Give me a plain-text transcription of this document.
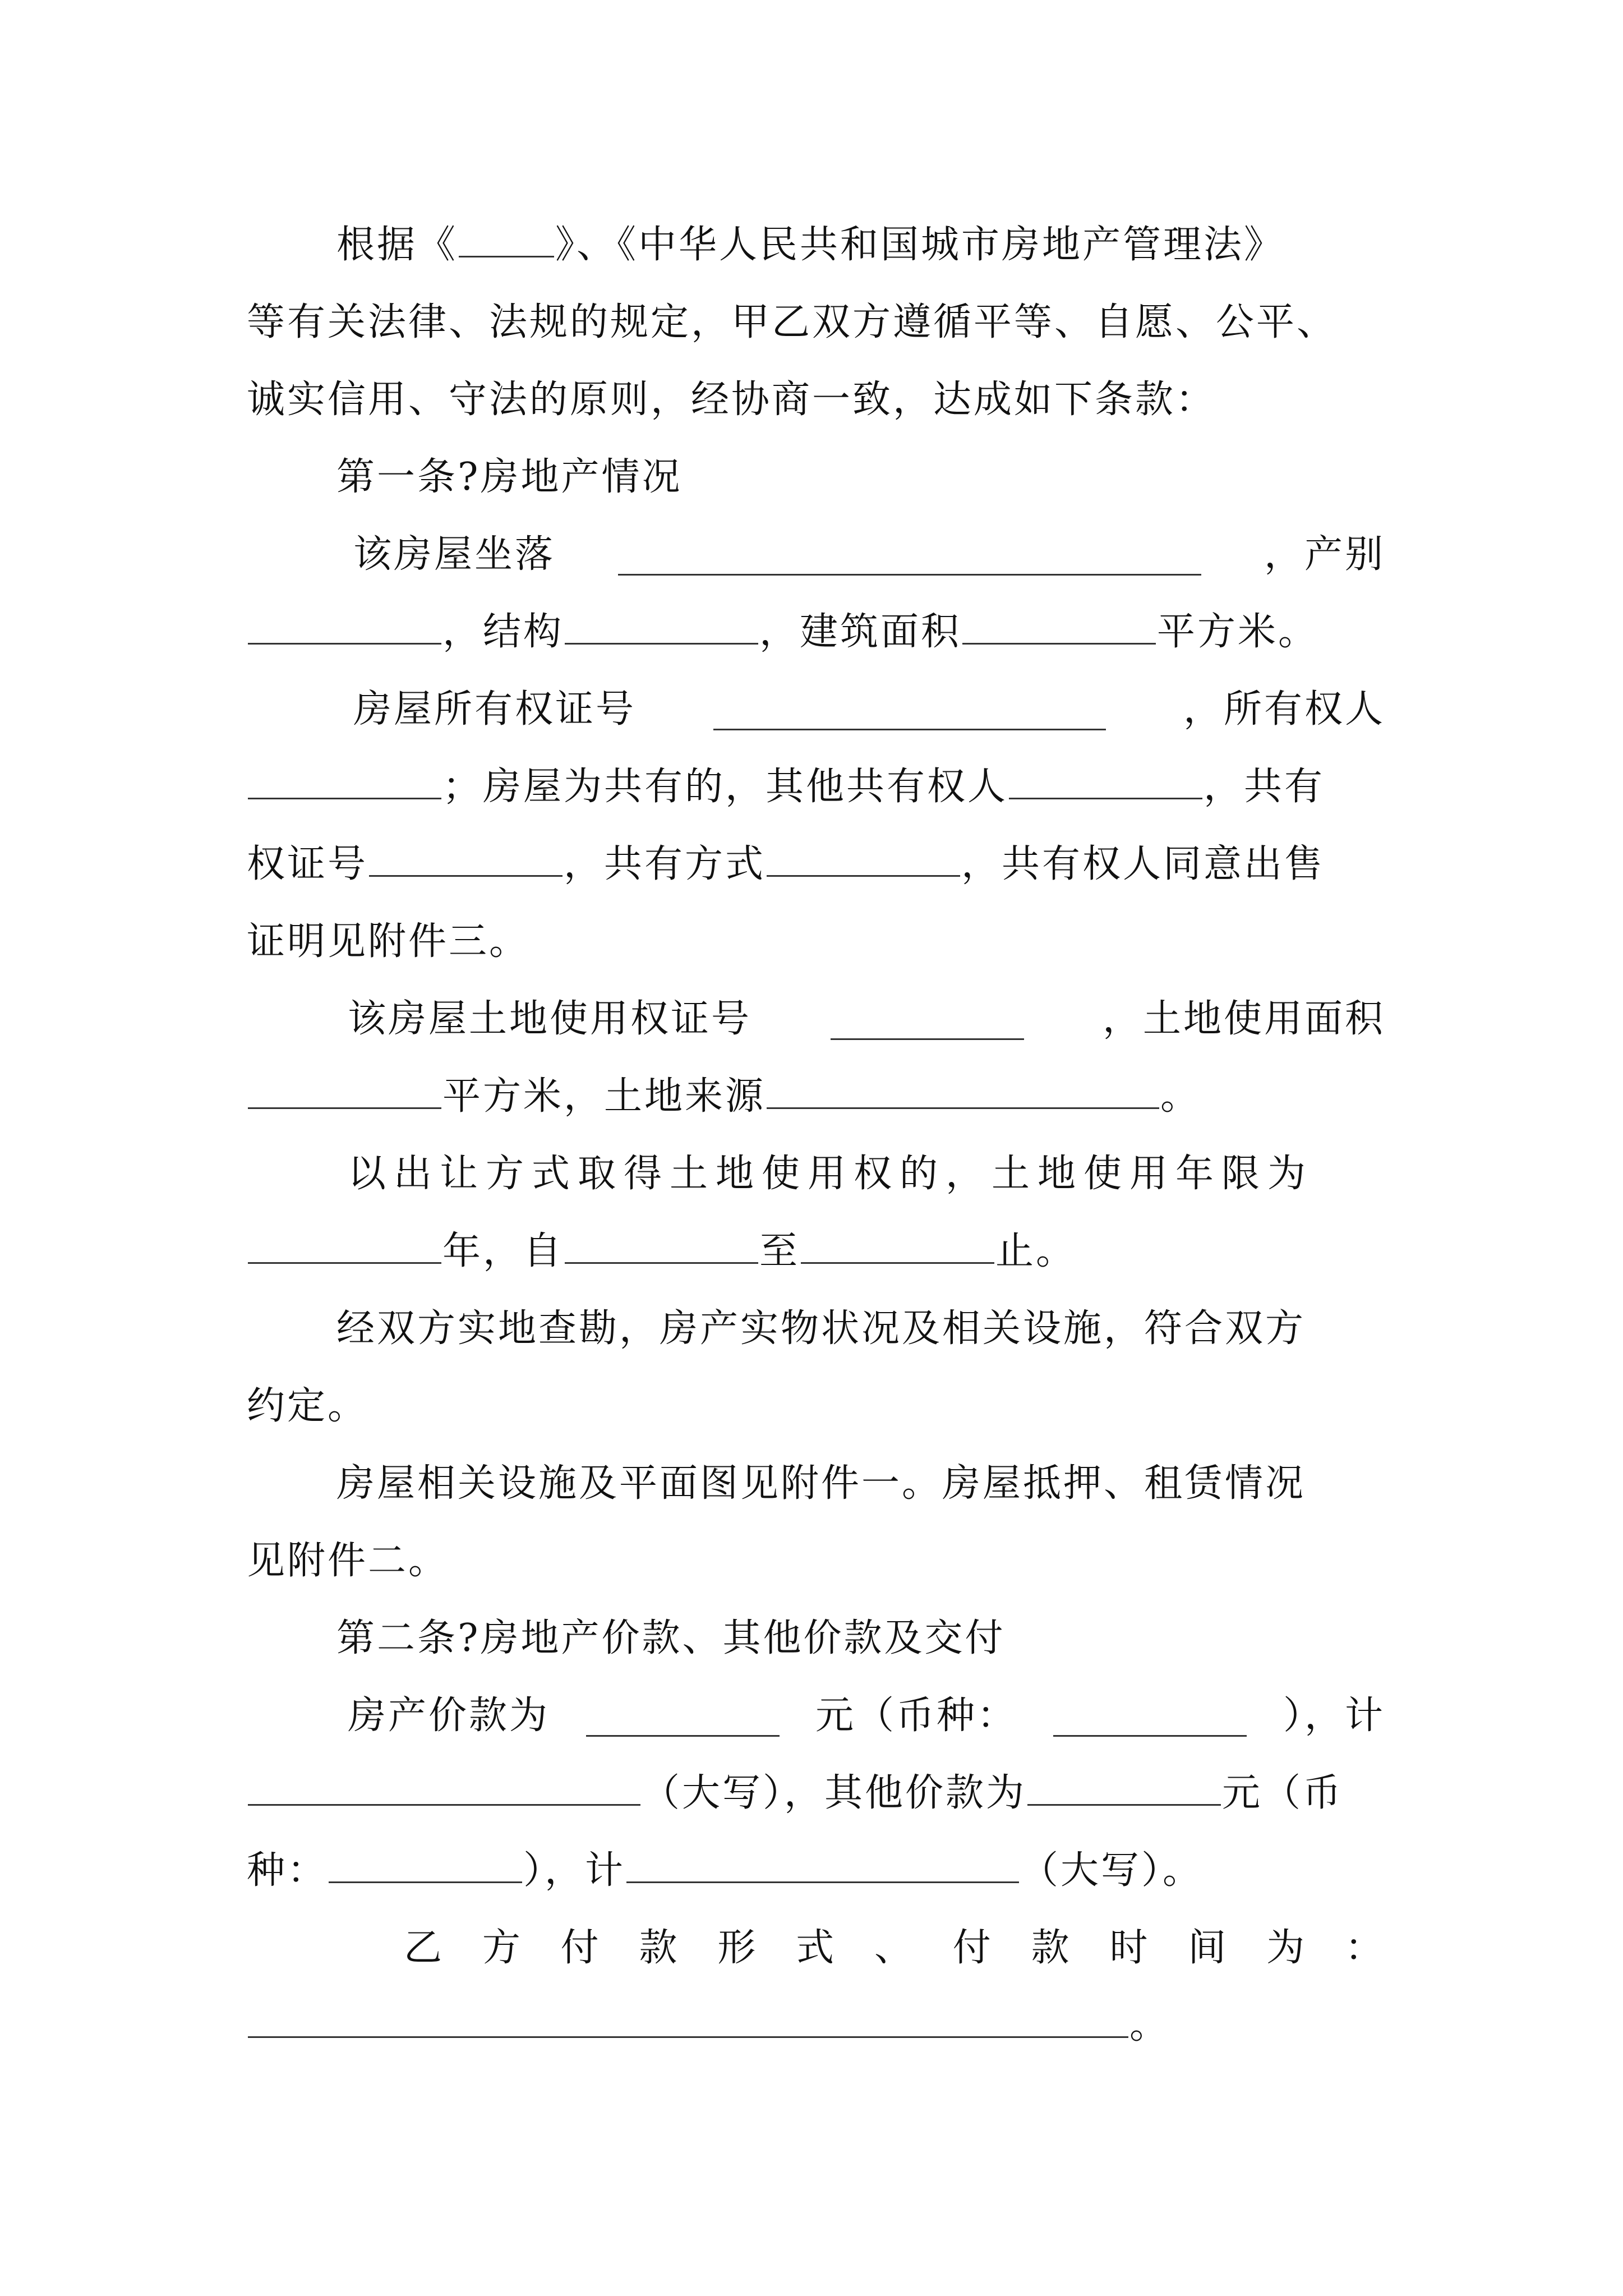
根据《	》、《中华人民共和国城市房地产管理法》
等有关法律、法规的规定，甲乙双方遵循平等、自愿、公平、
诚实信用、守法的原则，经协商一致，达成如下条款：
第一条?房地产情况
该房屋坐落	，产别
，结构	，建筑面积	平方米。
房屋所有权证号	，所有权人
；房屋为共有的，其他共有权人	，共有
权证号	，共有方式	，共有权人同意出售
证明见附件三。
该房屋土地使用权证号	，土地使用面积
平方米，土地来源	。
以出让方式取得土地使用权的，土地使用年限为
年，自	至	止。
经双方实地查勘，房产实物状况及相关设施，符合双方
约定。
房屋相关设施及平面图见附件一。房屋抵押、租赁情况
见附件二。
第二条?房地产价款、其他价款及交付
房产价款为	元（币种：	），计
（大写），其他价款为	元（币
种：	），计	（大写）。
乙 方 付 款 形 式 、 付 款 时 间 为 ：
。
